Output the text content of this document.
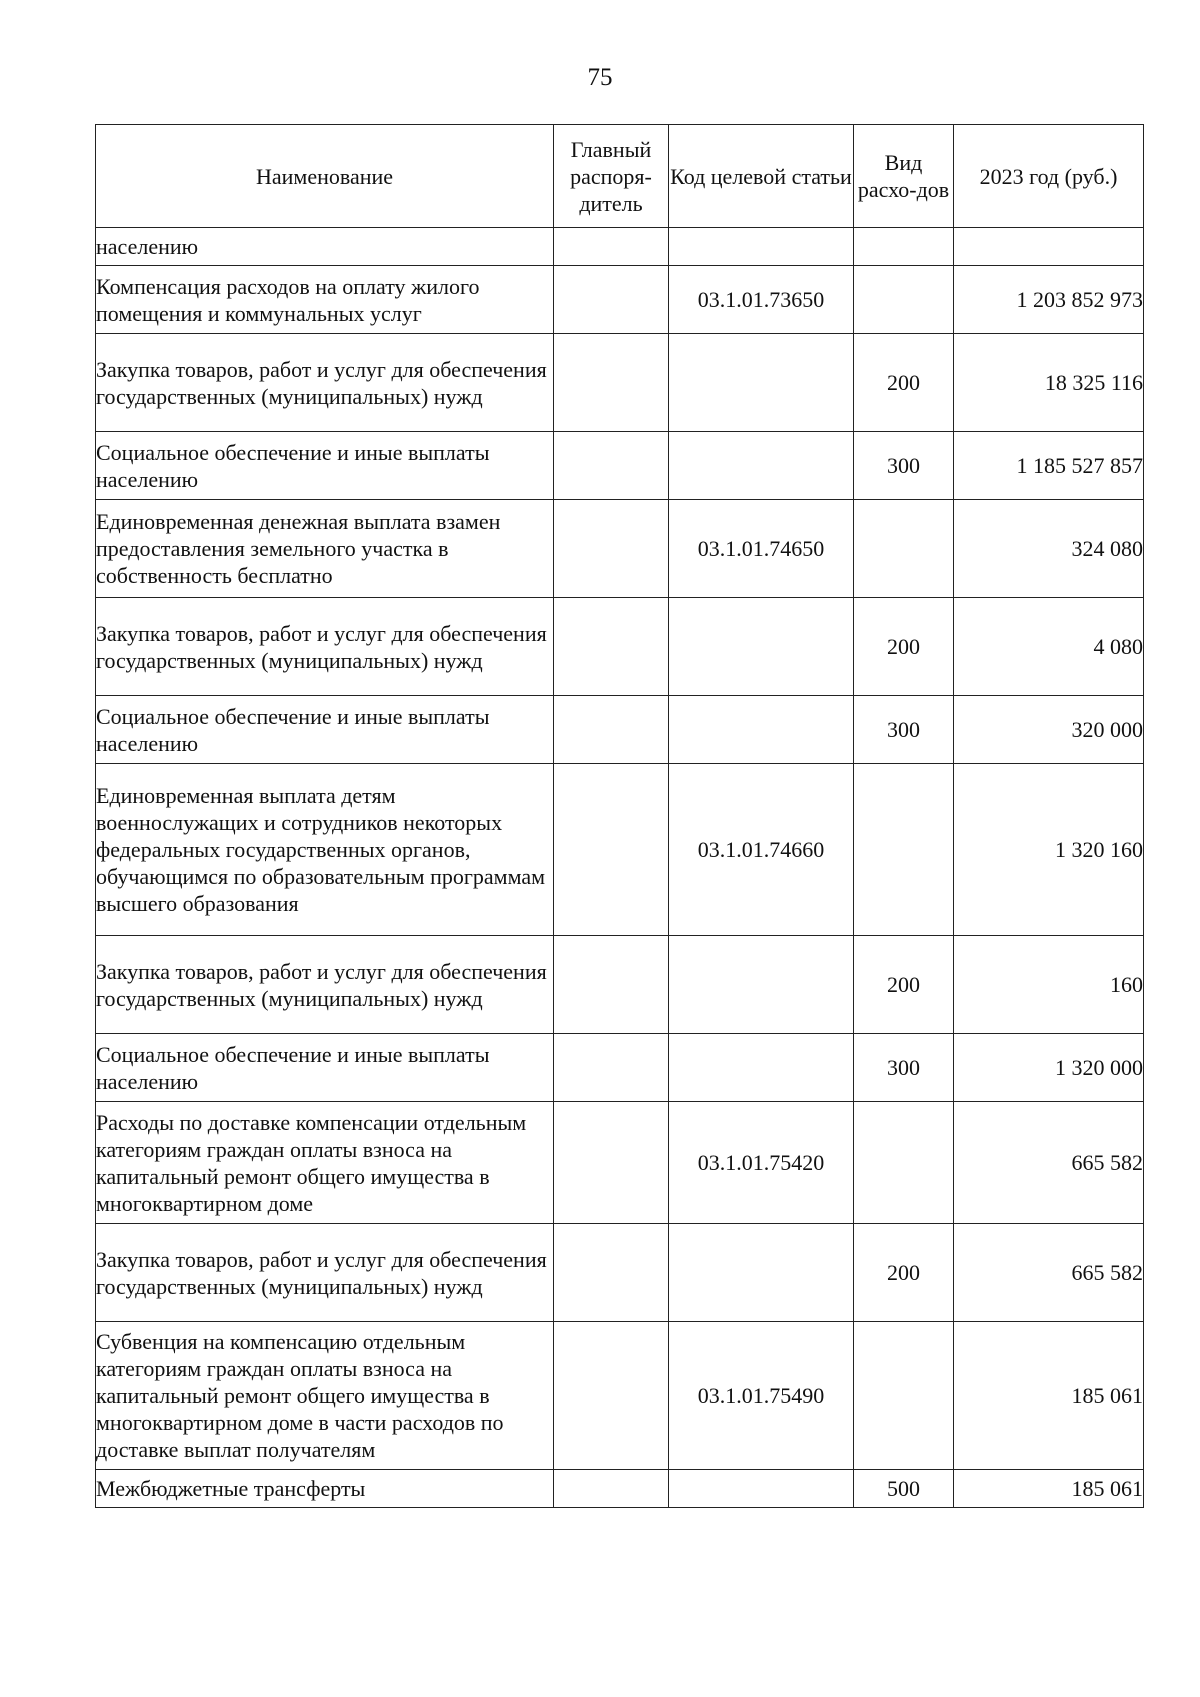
75
Наименование	Главный распоря-дитель	Код целевой статьи	Вид расхо-дов	2023 год (руб.)
населению				
Компенсация расходов на оплату жилого помещения и коммунальных услуг		03.1.01.73650		1 203 852 973
Закупка товаров, работ и услуг для обеспечения государственных (муниципальных) нужд			200	18 325 116
Социальное обеспечение и иные выплаты населению			300	1 185 527 857
Единовременная денежная выплата взамен предоставления земельного участка в собственность бесплатно		03.1.01.74650		324 080
Закупка товаров, работ и услуг для обеспечения государственных (муниципальных) нужд			200	4 080
Социальное обеспечение и иные выплаты населению			300	320 000
Единовременная выплата детям военнослужащих и сотрудников некоторых федеральных государственных органов, обучающимся по образовательным программам высшего образования		03.1.01.74660		1 320 160
Закупка товаров, работ и услуг для обеспечения государственных (муниципальных) нужд			200	160
Социальное обеспечение и иные выплаты населению			300	1 320 000
Расходы по доставке компенсации отдельным категориям граждан оплаты взноса на капитальный ремонт общего имущества в многоквартирном доме		03.1.01.75420		665 582
Закупка товаров, работ и услуг для обеспечения государственных (муниципальных) нужд			200	665 582
Субвенция на компенсацию отдельным категориям граждан оплаты взноса на капитальный ремонт общего имущества в многоквартирном доме в части расходов по доставке выплат получателям		03.1.01.75490		185 061
Межбюджетные трансферты			500	185 061
